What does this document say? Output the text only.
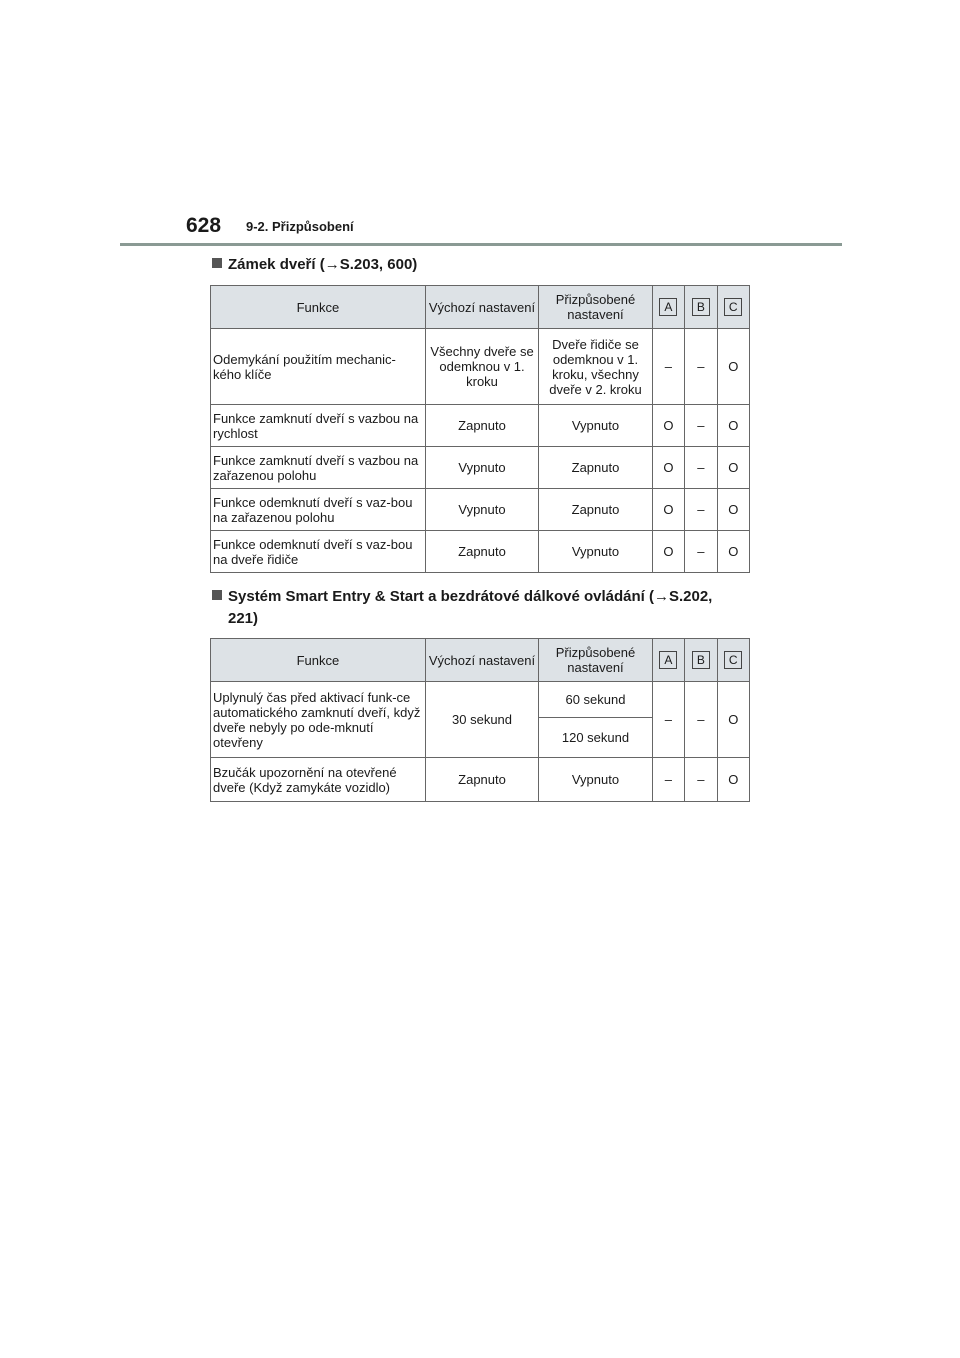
628 9-2. Přizpůsobení
Zámek dveří (→S.203, 600)
Funkce	Výchozí nastavení	Přizpůsobené nastavení	A	B	C
Odemykání použitím mechanic-kého klíče	Všechny dveře se odemknou v 1. kroku	Dveře řidiče se odemknou v 1. kroku, všechny dveře v 2. kroku	–	–	O
Funkce zamknutí dveří s vazbou na rychlost	Zapnuto	Vypnuto	O	–	O
Funkce zamknutí dveří s vazbou na zařazenou polohu	Vypnuto	Zapnuto	O	–	O
Funkce odemknutí dveří s vaz-bou na zařazenou polohu	Vypnuto	Zapnuto	O	–	O
Funkce odemknutí dveří s vaz-bou na dveře řidiče	Zapnuto	Vypnuto	O	–	O
Systém Smart Entry & Start a bezdrátové dálkové ovládání (→S.202,
221)
Funkce	Výchozí nastavení	Přizpůsobené nastavení	A	B	C
Uplynulý čas před aktivací funk-ce automatického zamknutí dveří, když dveře nebyly po ode-mknutí otevřeny	30 sekund	60 sekund	–	–	O
		120 sekund			
Bzučák upozornění na otevřené dveře (Když zamykáte vozidlo)	Zapnuto	Vypnuto	–	–	O
